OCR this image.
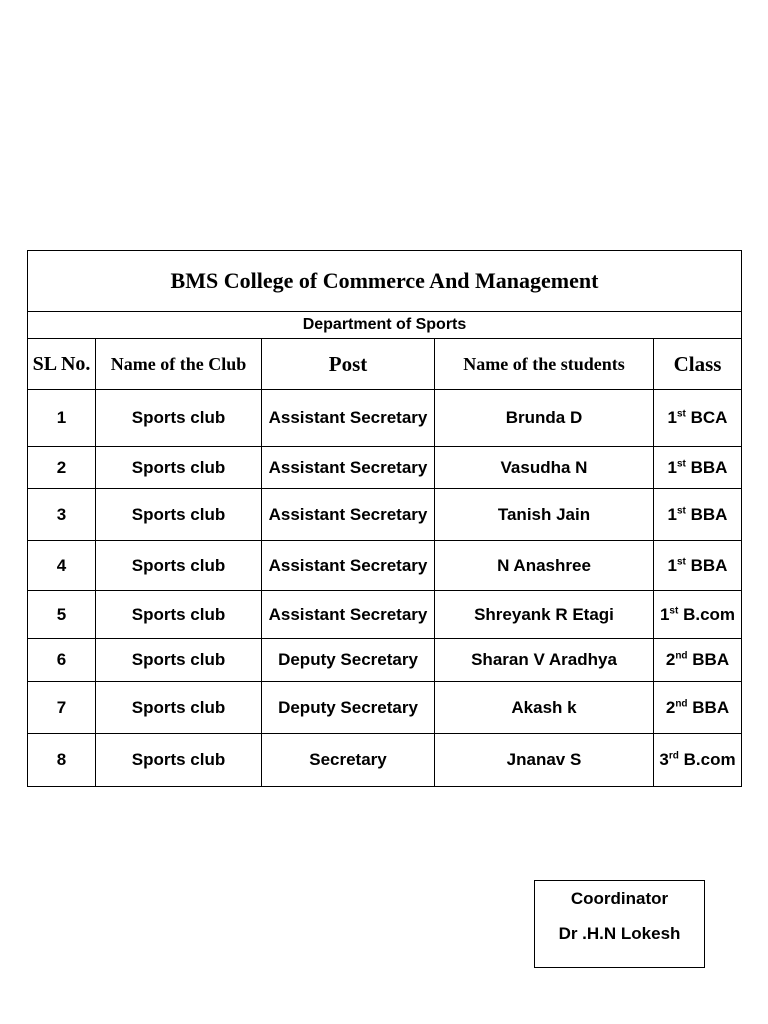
BMS College of Commerce And Management				
Department of Sports				
SL No.	Name of the Club	Post	Name of the students	Class
1	Sports club	Assistant Secretary	Brunda D	1st BCA
2	Sports club	Assistant Secretary	Vasudha N	1st BBA
3	Sports club	Assistant Secretary	Tanish Jain	1st BBA
4	Sports club	Assistant Secretary	N Anashree	1st BBA
5	Sports club	Assistant Secretary	Shreyank R Etagi	1st B.com
6	Sports club	Deputy Secretary	Sharan V Aradhya	2nd BBA
7	Sports club	Deputy Secretary	Akash k	2nd BBA
8	Sports club	Secretary	Jnanav S	3rd B.com
Coordinator
Dr .H.N Lokesh
